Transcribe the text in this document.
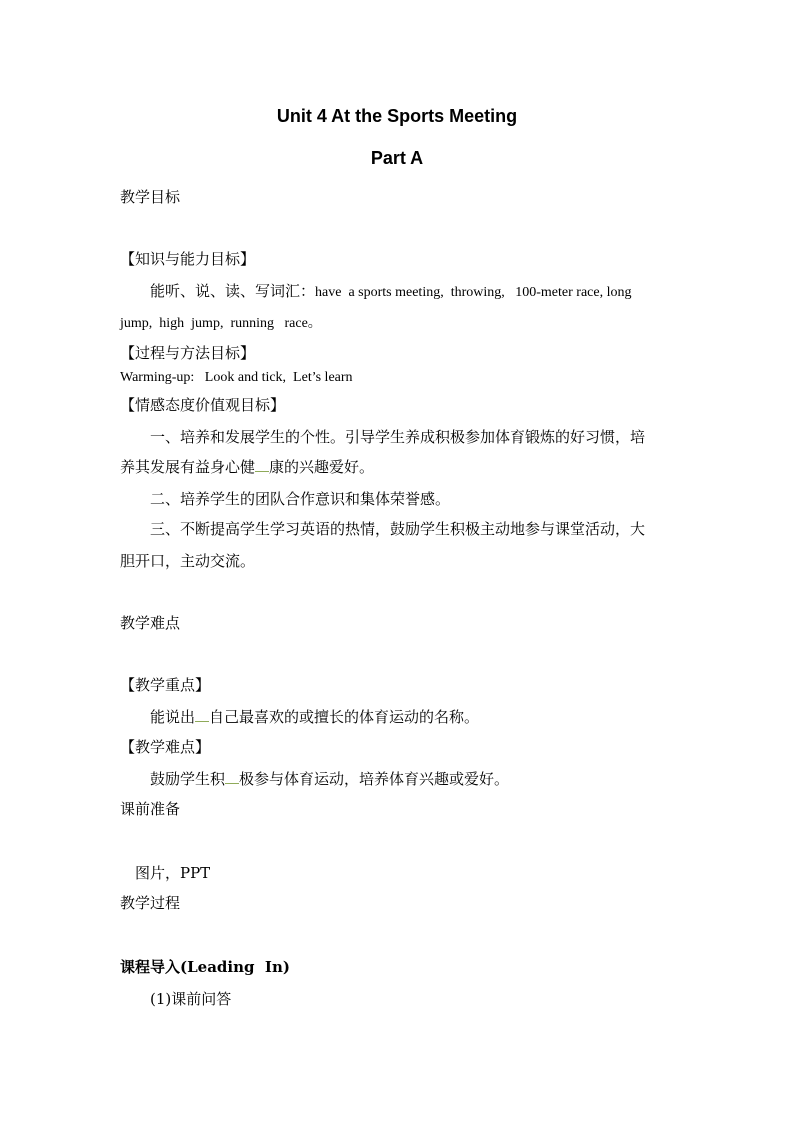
Unit 4 At the Sports Meeting
Part A
教学目标
【知识与能力目标】
能听、说、读、写词汇：have  a sports meeting,  throwing,   100-meter race, long
jump,  high  jump,  running   race。
【过程与方法目标】
Warming-up:   Look and tick,  Let’s learn
【情感态度价值观目标】
一、培养和发展学生的个性。引导学生养成积极参加体育锻炼的好习惯，培
养其发展有益身心健 康的兴趣爱好。
二、培养学生的团队合作意识和集体荣誉感。
三、不断提高学生学习英语的热情，鼓励学生积极主动地参与课堂活动，大
胆开口，主动交流。
教学难点
【教学重点】
能说出 自己最喜欢的或擅长的体育运动的名称。
【教学难点】
鼓励学生积 极参与体育运动，培养体育兴趣或爱好。
课前准备
图片，PPT
教学过程
课程导入(Leading  In)
(1)课前问答
